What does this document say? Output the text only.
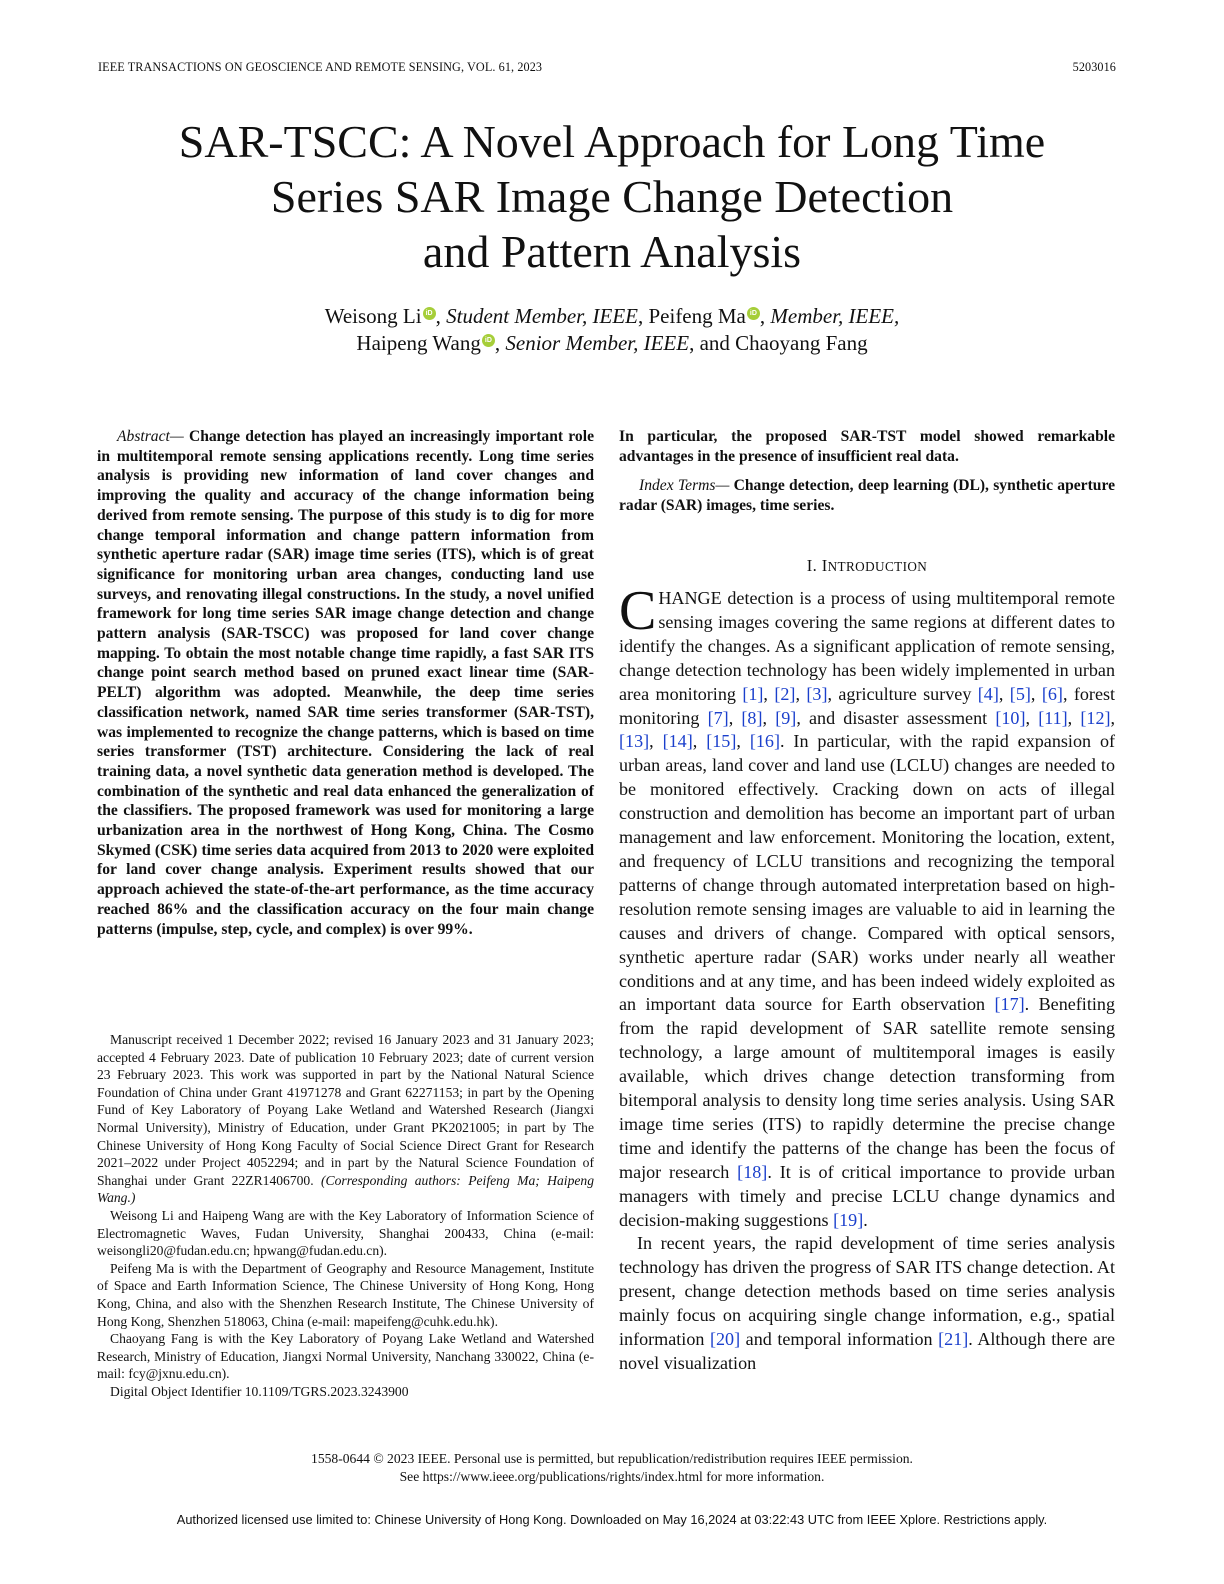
IEEE TRANSACTIONS ON GEOSCIENCE AND REMOTE SENSING, VOL. 61, 2023	5203016
SAR-TSCC: A Novel Approach for Long Time
Series SAR Image Change Detection
and Pattern Analysis
Weisong Li iD , Student Member, IEEE, Peifeng Ma iD , Member, IEEE,
Haipeng Wang iD , Senior Member, IEEE, and Chaoyang Fang

Abstract— Change detection has played an increasingly important role in multitemporal remote sensing applications recently. Long time series analysis is providing new information of land cover changes and improving the quality and accuracy of the change information being derived from remote sensing. The purpose of this study is to dig for more change temporal information and change pattern information from synthetic aperture radar (SAR) image time series (ITS), which is of great significance for monitoring urban area changes, conducting land use surveys, and renovating illegal constructions. In the study, a novel unified framework for long time series SAR image change detection and change pattern analysis (SAR-TSCC) was proposed for land cover change mapping. To obtain the most notable change time rapidly, a fast SAR ITS change point search method based on pruned exact linear time (SAR-PELT) algorithm was adopted. Meanwhile, the deep time series classification network, named SAR time series transformer (SAR-TST), was implemented to recognize the change patterns, which is based on time series transformer (TST) architecture. Considering the lack of real training data, a novel synthetic data generation method is developed. The combination of the synthetic and real data enhanced the generalization of the classifiers. The proposed framework was used for monitoring a large urbanization area in the northwest of Hong Kong, China. The Cosmo Skymed (CSK) time series data acquired from 2013 to 2020 were exploited for land cover change analysis. Experiment results showed that our approach achieved the state-of-the-art performance, as the time accuracy reached 86% and the classification accuracy on the four main change patterns (impulse, step, cycle, and complex) is over 99%.

Manuscript received 1 December 2022; revised 16 January 2023 and 31 January 2023; accepted 4 February 2023. Date of publication 10 February 2023; date of current version 23 February 2023. This work was supported in part by the National Natural Science Foundation of China under Grant 41971278 and Grant 62271153; in part by the Opening Fund of Key Laboratory of Poyang Lake Wetland and Watershed Research (Jiangxi Normal University), Ministry of Education, under Grant PK2021005; in part by The Chinese University of Hong Kong Faculty of Social Science Direct Grant for Research 2021–2022 under Project 4052294; and in part by the Natural Science Foundation of Shanghai under Grant 22ZR1406700. (Corresponding authors: Peifeng Ma; Haipeng Wang.)

Weisong Li and Haipeng Wang are with the Key Laboratory of Information Science of Electromagnetic Waves, Fudan University, Shanghai 200433, China (e-mail: weisongli20@fudan.edu.cn; hpwang@fudan.edu.cn).

Peifeng Ma is with the Department of Geography and Resource Management, Institute of Space and Earth Information Science, The Chinese University of Hong Kong, Hong Kong, China, and also with the Shenzhen Research Institute, The Chinese University of Hong Kong, Shenzhen 518063, China (e-mail: mapeifeng@cuhk.edu.hk).

Chaoyang Fang is with the Key Laboratory of Poyang Lake Wetland and Watershed Research, Ministry of Education, Jiangxi Normal University, Nanchang 330022, China (e-mail: fcy@jxnu.edu.cn).

Digital Object Identifier 10.1109/TGRS.2023.3243900

In particular, the proposed SAR-TST model showed remarkable advantages in the presence of insufficient real data.

Index Terms— Change detection, deep learning (DL), synthetic aperture radar (SAR) images, time series.

I. INTRODUCTION

CHANGE detection is a process of using multitemporal remote sensing images covering the same regions at different dates to identify the changes. As a significant application of remote sensing, change detection technology has been widely implemented in urban area monitoring [1], [2], [3], agriculture survey [4], [5], [6], forest monitoring [7], [8], [9], and disaster assessment [10], [11], [12], [13], [14], [15], [16]. In particular, with the rapid expansion of urban areas, land cover and land use (LCLU) changes are needed to be monitored effectively. Cracking down on acts of illegal construction and demolition has become an important part of urban management and law enforcement. Monitoring the location, extent, and frequency of LCLU transitions and recognizing the temporal patterns of change through automated interpretation based on high-resolution remote sensing images are valuable to aid in learning the causes and drivers of change. Compared with optical sensors, synthetic aperture radar (SAR) works under nearly all weather conditions and at any time, and has been indeed widely exploited as an important data source for Earth observation [17]. Benefiting from the rapid development of SAR satellite remote sensing technology, a large amount of multitemporal images is easily available, which drives change detection transforming from bitemporal analysis to density long time series analysis. Using SAR image time series (ITS) to rapidly determine the precise change time and identify the patterns of the change has been the focus of major research [18]. It is of critical importance to provide urban managers with timely and precise LCLU change dynamics and decision-making suggestions [19].

In recent years, the rapid development of time series analysis technology has driven the progress of SAR ITS change detection. At present, change detection methods based on time series analysis mainly focus on acquiring single change information, e.g., spatial information [20] and temporal information [21]. Although there are novel visualization

1558-0644 © 2023 IEEE. Personal use is permitted, but republication/redistribution requires IEEE permission.
See https://www.ieee.org/publications/rights/index.html for more information.
Authorized licensed use limited to: Chinese University of Hong Kong. Downloaded on May 16,2024 at 03:22:43 UTC from IEEE Xplore. Restrictions apply.
